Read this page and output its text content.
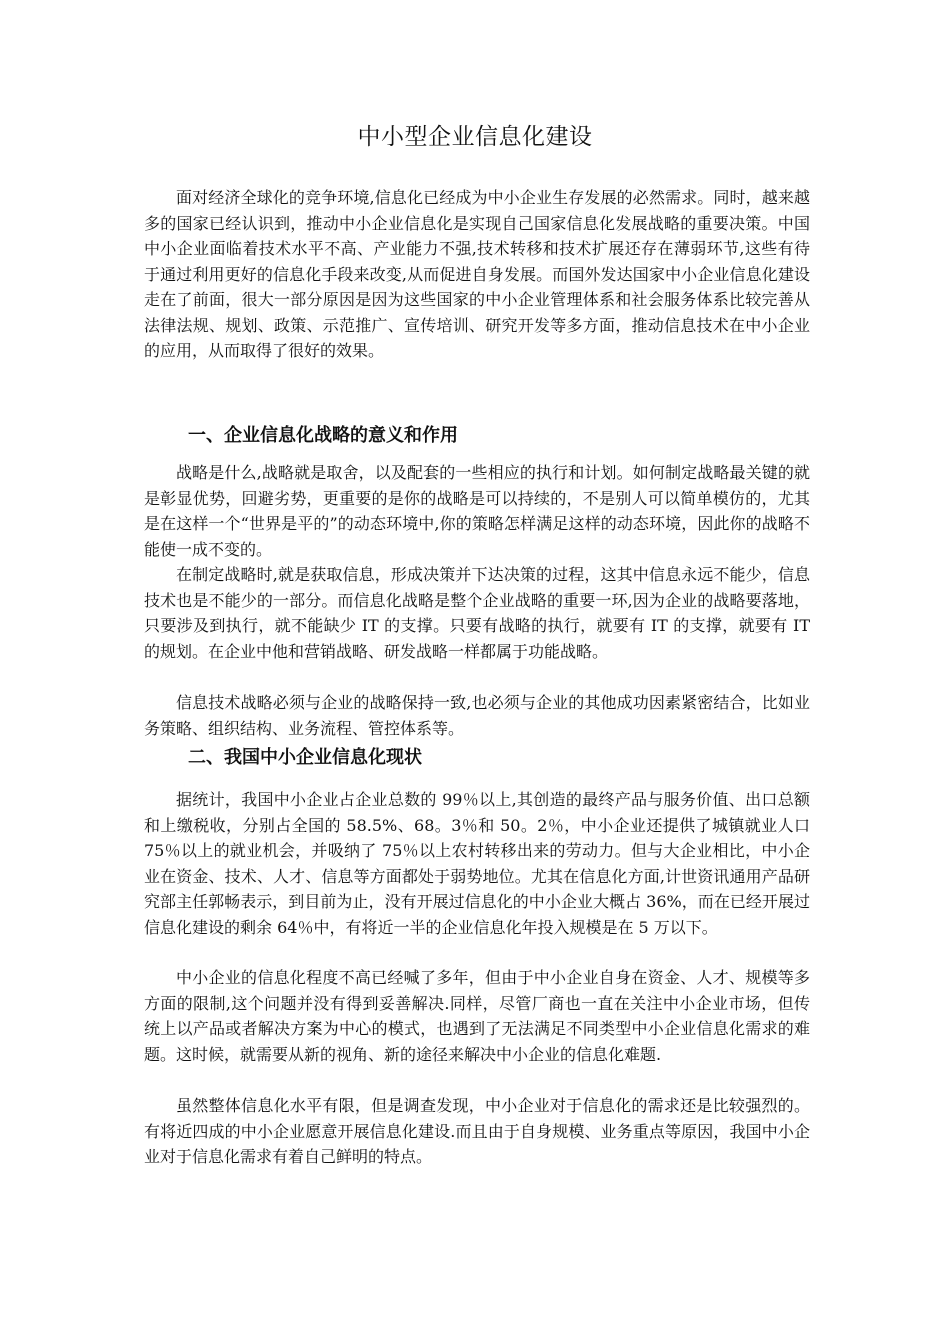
中小型企业信息化建设

面对经济全球化的竞争环境,信息化已经成为中小企业生存发展的必然需求。同时，越来越多的国家已经认识到，推动中小企业信息化是实现自己国家信息化发展战略的重要决策。中国中小企业面临着技术水平不高、产业能力不强,技术转移和技术扩展还存在薄弱环节,这些有待于通过利用更好的信息化手段来改变,从而促进自身发展。而国外发达国家中小企业信息化建设走在了前面，很大一部分原因是因为这些国家的中小企业管理体系和社会服务体系比较完善从法律法规、规划、政策、示范推广、宣传培训、研究开发等多方面，推动信息技术在中小企业的应用，从而取得了很好的效果。

一、企业信息化战略的意义和作用

战略是什么,战略就是取舍，以及配套的一些相应的执行和计划。如何制定战略最关键的就是彰显优势，回避劣势，更重要的是你的战略是可以持续的，不是别人可以简单模仿的，尤其是在这样一个“世界是平的”的动态环境中,你的策略怎样满足这样的动态环境，因此你的战略不能使一成不变的。

在制定战略时,就是获取信息，形成决策并下达决策的过程，这其中信息永远不能少，信息技术也是不能少的一部分。而信息化战略是整个企业战略的重要一环,因为企业的战略要落地，只要涉及到执行，就不能缺少 IT 的支撑。只要有战略的执行，就要有 IT 的支撑，就要有 IT 的规划。在企业中他和营销战略、研发战略一样都属于功能战略。

信息技术战略必须与企业的战略保持一致,也必须与企业的其他成功因素紧密结合，比如业务策略、组织结构、业务流程、管控体系等。

二、我国中小企业信息化现状

据统计，我国中小企业占企业总数的 99％以上,其创造的最终产品与服务价值、出口总额和上缴税收，分别占全国的 58.5%、68。3％和 50。2％，中小企业还提供了城镇就业人口 75％以上的就业机会，并吸纳了 75％以上农村转移出来的劳动力。但与大企业相比，中小企业在资金、技术、人才、信息等方面都处于弱势地位。尤其在信息化方面,计世资讯通用产品研究部主任郭畅表示，到目前为止，没有开展过信息化的中小企业大概占 36%，而在已经开展过信息化建设的剩余 64％中，有将近一半的企业信息化年投入规模是在 5 万以下。

中小企业的信息化程度不高已经喊了多年，但由于中小企业自身在资金、人才、规模等多方面的限制,这个问题并没有得到妥善解决.同样，尽管厂商也一直在关注中小企业市场，但传统上以产品或者解决方案为中心的模式，也遇到了无法满足不同类型中小企业信息化需求的难题。这时候，就需要从新的视角、新的途径来解决中小企业的信息化难题.

虽然整体信息化水平有限，但是调查发现，中小企业对于信息化的需求还是比较强烈的。有将近四成的中小企业愿意开展信息化建设.而且由于自身规模、业务重点等原因，我国中小企业对于信息化需求有着自己鲜明的特点。
